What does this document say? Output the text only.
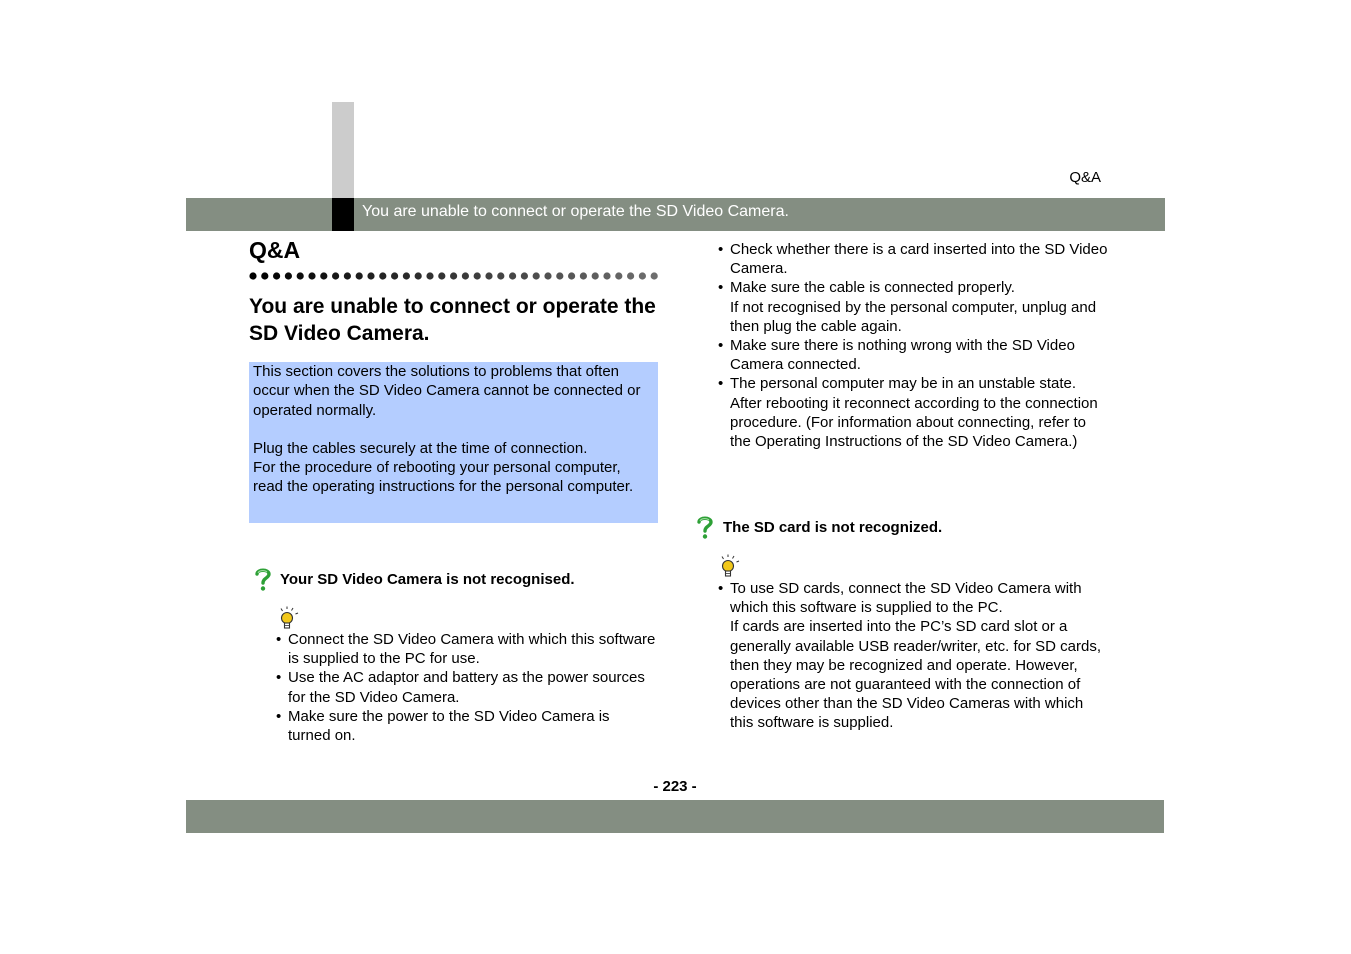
Q&A
You are unable to connect or operate the SD Video Camera.
Q&A
You are unable to connect or operate the SD Video Camera.

This section covers the solutions to problems that often occur when the SD Video Camera cannot be connected or operated normally.

Plug the cables securely at the time of connection.

For the procedure of rebooting your personal computer, read the operating instructions for the personal computer.

Your SD Video Camera is not recognised.
• Connect the SD Video Camera with which this software is supplied to the PC for use.
• Use the AC adaptor and battery as the power sources for the SD Video Camera.
• Make sure the power to the SD Video Camera is turned on.
• Check whether there is a card inserted into the SD Video Camera.
• Make sure the cable is connected properly.
If not recognised by the personal computer, unplug and then plug the cable again.
• Make sure there is nothing wrong with the SD Video Camera connected.
• The personal computer may be in an unstable state.
After rebooting it reconnect according to the connection procedure. (For information about connecting, refer to the Operating Instructions of the SD Video Camera.)
The SD card is not recognized.
• To use SD cards, connect the SD Video Camera with which this software is supplied to the PC.
If cards are inserted into the PC’s SD card slot or a generally available USB reader/writer, etc. for SD cards, then they may be recognized and operate. However, operations are not guaranteed with the connection of devices other than the SD Video Cameras with which this software is supplied.
- 223 -
